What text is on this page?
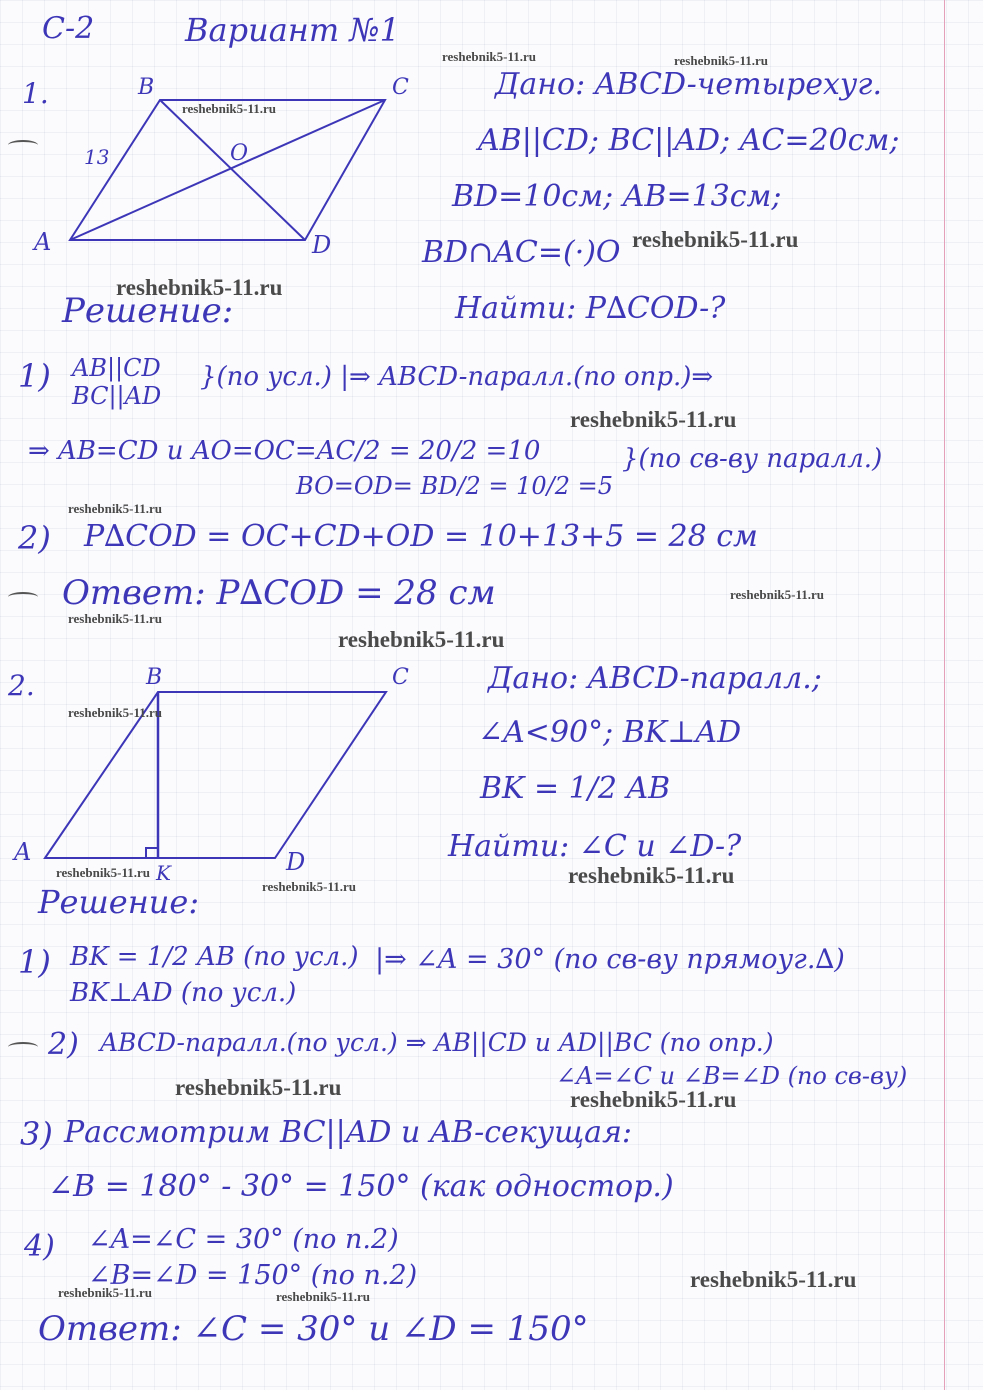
С-2	Вариант №1
1.	B	C
A	D
O
13
Дано: ABCD-четырехуг.
AB||CD; BC||AD; AC=20см;
BD=10см; AB=13см;
BD∩AC=(·)O
Найти: P∆COD-?
Решение:
1) AB||CD
BC||AD
}(по усл.) |⇒ ABCD-паралл.(по опр.)⇒
⇒ AB=CD и AO=OC=AC/2 = 20/2 =10
BO=OD= BD/2 = 10/2 =5
}(по св-ву паралл.)
2) P∆COD = OC+CD+OD = 10+13+5 = 28 см
Ответ: P∆COD = 28 см
2.	B	C
A	D
K
Дано: ABCD-паралл.;
∠A<90°; BK⊥AD
BK = 1/2 AB
Найти: ∠C и ∠D-?
Решение:
1) BK = 1/2 AB (по усл.)
BK⊥AD (по усл.)
|⇒ ∠A = 30° (по св-ву прямоуг.∆)
2) ABCD-паралл.(по усл.) ⇒ AB||CD и AD||BC (по опр.)
∠A=∠C и ∠B=∠D (по св-ву)
3) Рассмотрим BC||AD и AB-секущая:
∠B = 180° - 30° = 150° (как одностор.)
4) ∠A=∠C = 30° (по п.2)
∠B=∠D = 150° (по п.2)
Ответ: ∠C = 30° и ∠D = 150°
reshebnik5-11.ru	reshebnik5-11.ru
reshebnik5-11.ru
reshebnik5-11.ru
reshebnik5-11.ru
reshebnik5-11.ru
reshebnik5-11.ru
reshebnik5-11.ru
reshebnik5-11.ru
reshebnik5-11.ru
reshebnik5-11.ru
reshebnik5-11.ru
reshebnik5-11.ru
reshebnik5-11.ru
reshebnik5-11.ru	reshebnik5-11.ru
reshebnik5-11.ru
reshebnik5-11.ru	reshebnik5-11.ru
